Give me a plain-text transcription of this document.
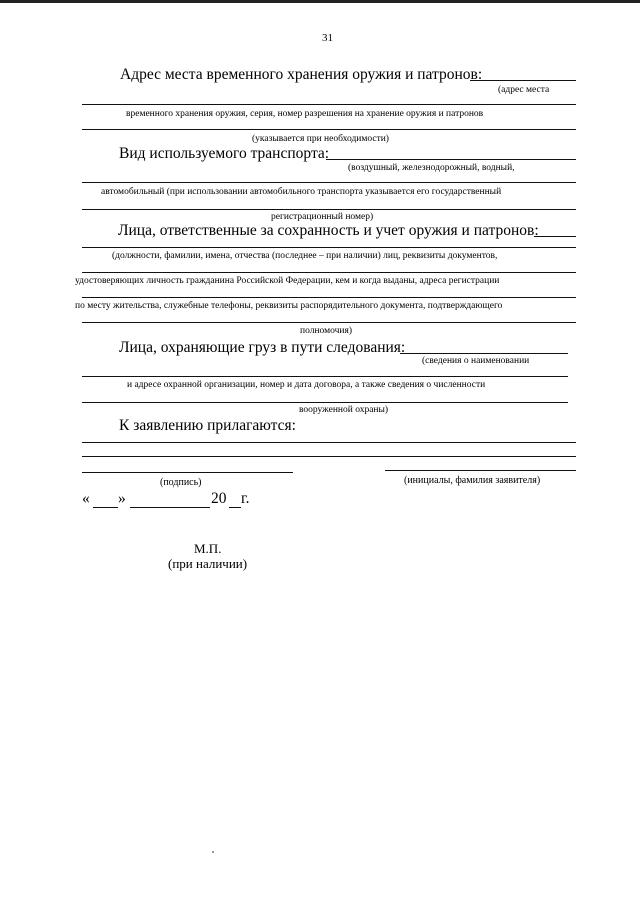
31
Адрес места временного хранения оружия и патронов:
(адрес места
временного хранения оружия, серия, номер разрешения на хранение оружия и патронов
(указывается при необходимости)
Вид используемого транспорта:
(воздушный, железнодорожный, водный,
автомобильный (при использовании автомобильного транспорта указывается его государственный
регистрационный номер)
Лица, ответственные за сохранность и учет оружия и патронов:
(должности, фамилии, имена, отчества (последнее – при наличии) лиц, реквизиты документов,
удостоверяющих личность гражданина Российской Федерации, кем и когда выданы, адреса регистрации
по месту жительства, служебные телефоны, реквизиты распорядительного документа, подтверждающего
полномочия)
Лица, охраняющие груз в пути следования:
(сведения о наименовании
и адресе охранной организации, номер и дата договора, а также сведения о численности
вооруженной охраны)
К заявлению прилагаются:
(подпись)	(инициалы, фамилия заявителя)
« »	20 г.
М.П.
(при наличии)
